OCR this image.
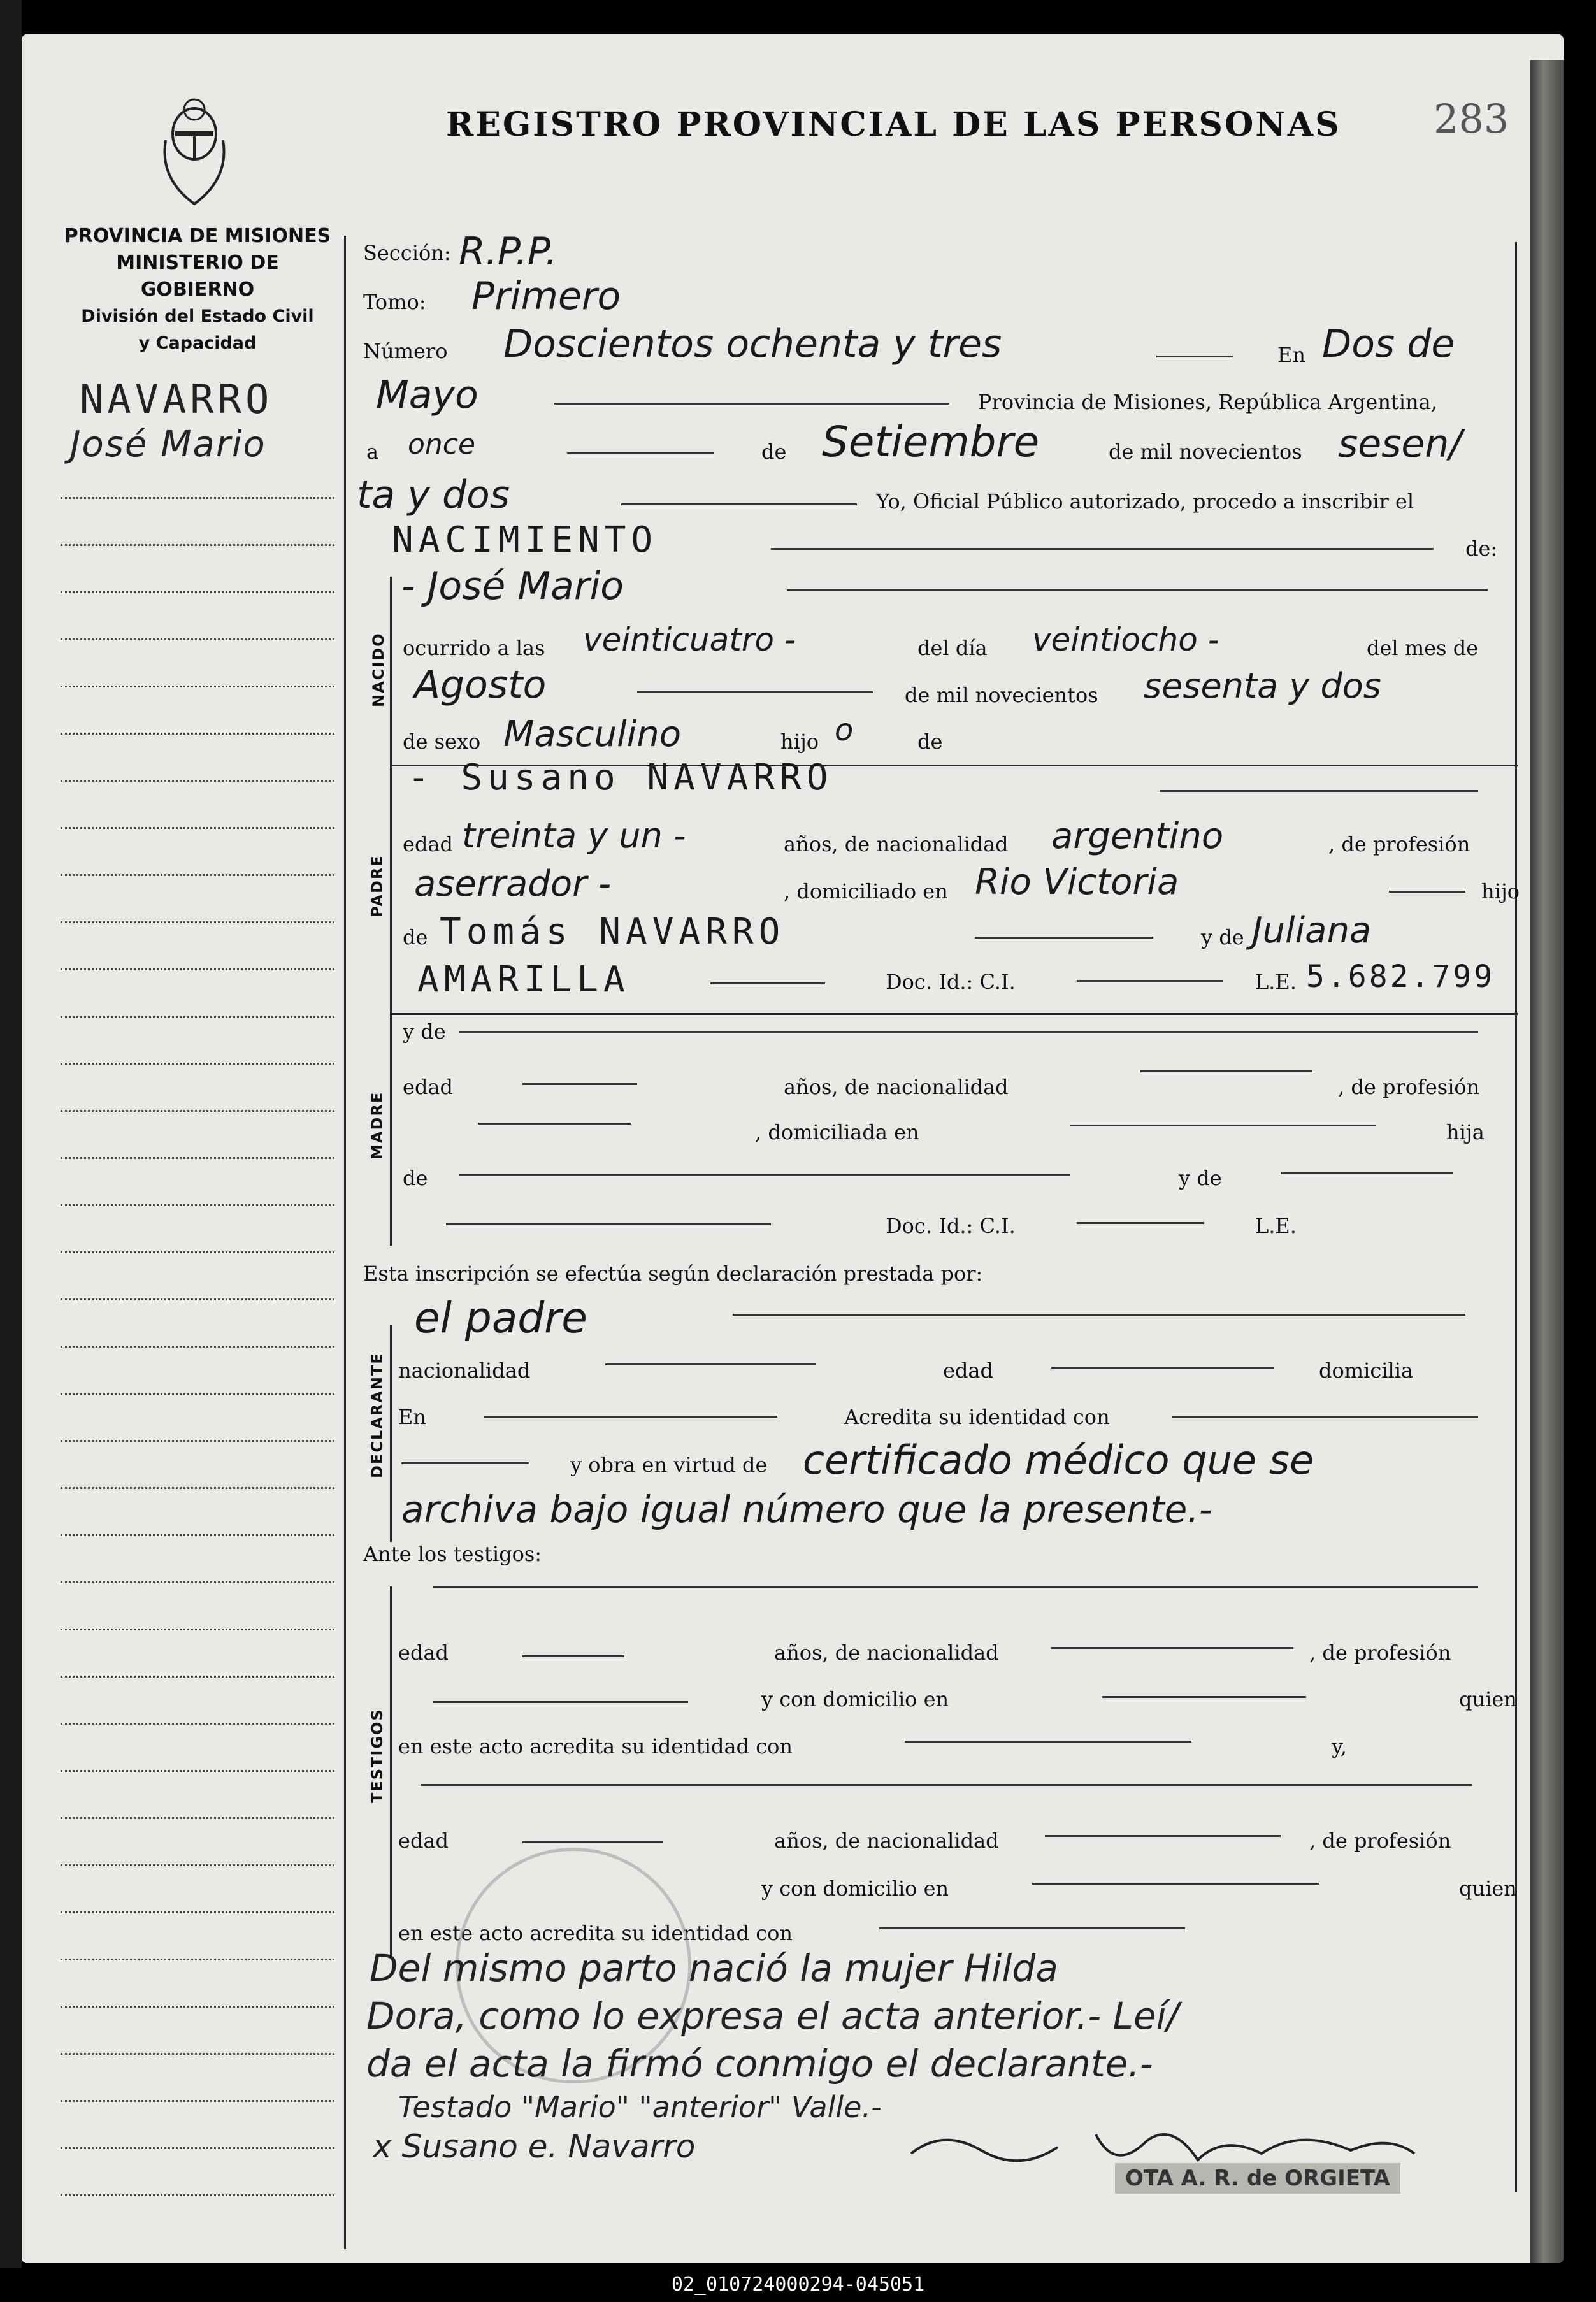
REGISTRO PROVINCIAL DE LAS PERSONAS 283
PROVINCIA DE MISIONES
MINISTERIO DE GOBIERNO
División del Estado Civil
y Capacidad
NAVARRO
José Mario
Sección: R.P.P.
Tomo: Primero
Número Doscientos ochenta y tres	En Dos de
Mayo	Provincia de Misiones, República Argentina,
a once	de Setiembre	de mil novecientos sesen/
ta y dos	Yo, Oficial Público autorizado, procedo a inscribir el
NACIMIENTO	de:
NACIDO
- José Mario
ocurrido a las veinticuatro -	del día veintiocho -	del mes de
Agosto	de mil novecientos sesenta y dos
de sexo Masculino	hijo o	de
PADRE
- Susano NAVARRO
edad treinta y un -	años, de nacionalidad argentino	, de profesión
aserrador -	, domiciliado en Rio Victoria	hijo
de Tomás NAVARRO	y de Juliana
AMARILLA	Doc. Id.: C.I.	L.E. 5.682.799
MADRE
y de
edad	años, de nacionalidad	, de profesión
, domiciliada en	hija
de	y de
Doc. Id.: C.I.	L.E.
Esta inscripción se efectúa según declaración prestada por:
DECLARANTE
el padre
nacionalidad	edad	domicilia
En	Acredita su identidad con
y obra en virtud de certificado médico que se
archiva bajo igual número que la presente.-
Ante los testigos:
TESTIGOS
edad	años, de nacionalidad	, de profesión
y con domicilio en	quien
en este acto acredita su identidad con	y,
edad	años, de nacionalidad	, de profesión
y con domicilio en	quien
en este acto acredita su identidad con
Del mismo parto nació la mujer Hilda
Dora, como lo expresa el acta anterior.- Leí/
da el acta la firmó conmigo el declarante.-
Testado "Mario" "anterior" Valle.-
x Susano e. Navarro
OTA A. R. de ORGIETA
02_010724000294-045051
